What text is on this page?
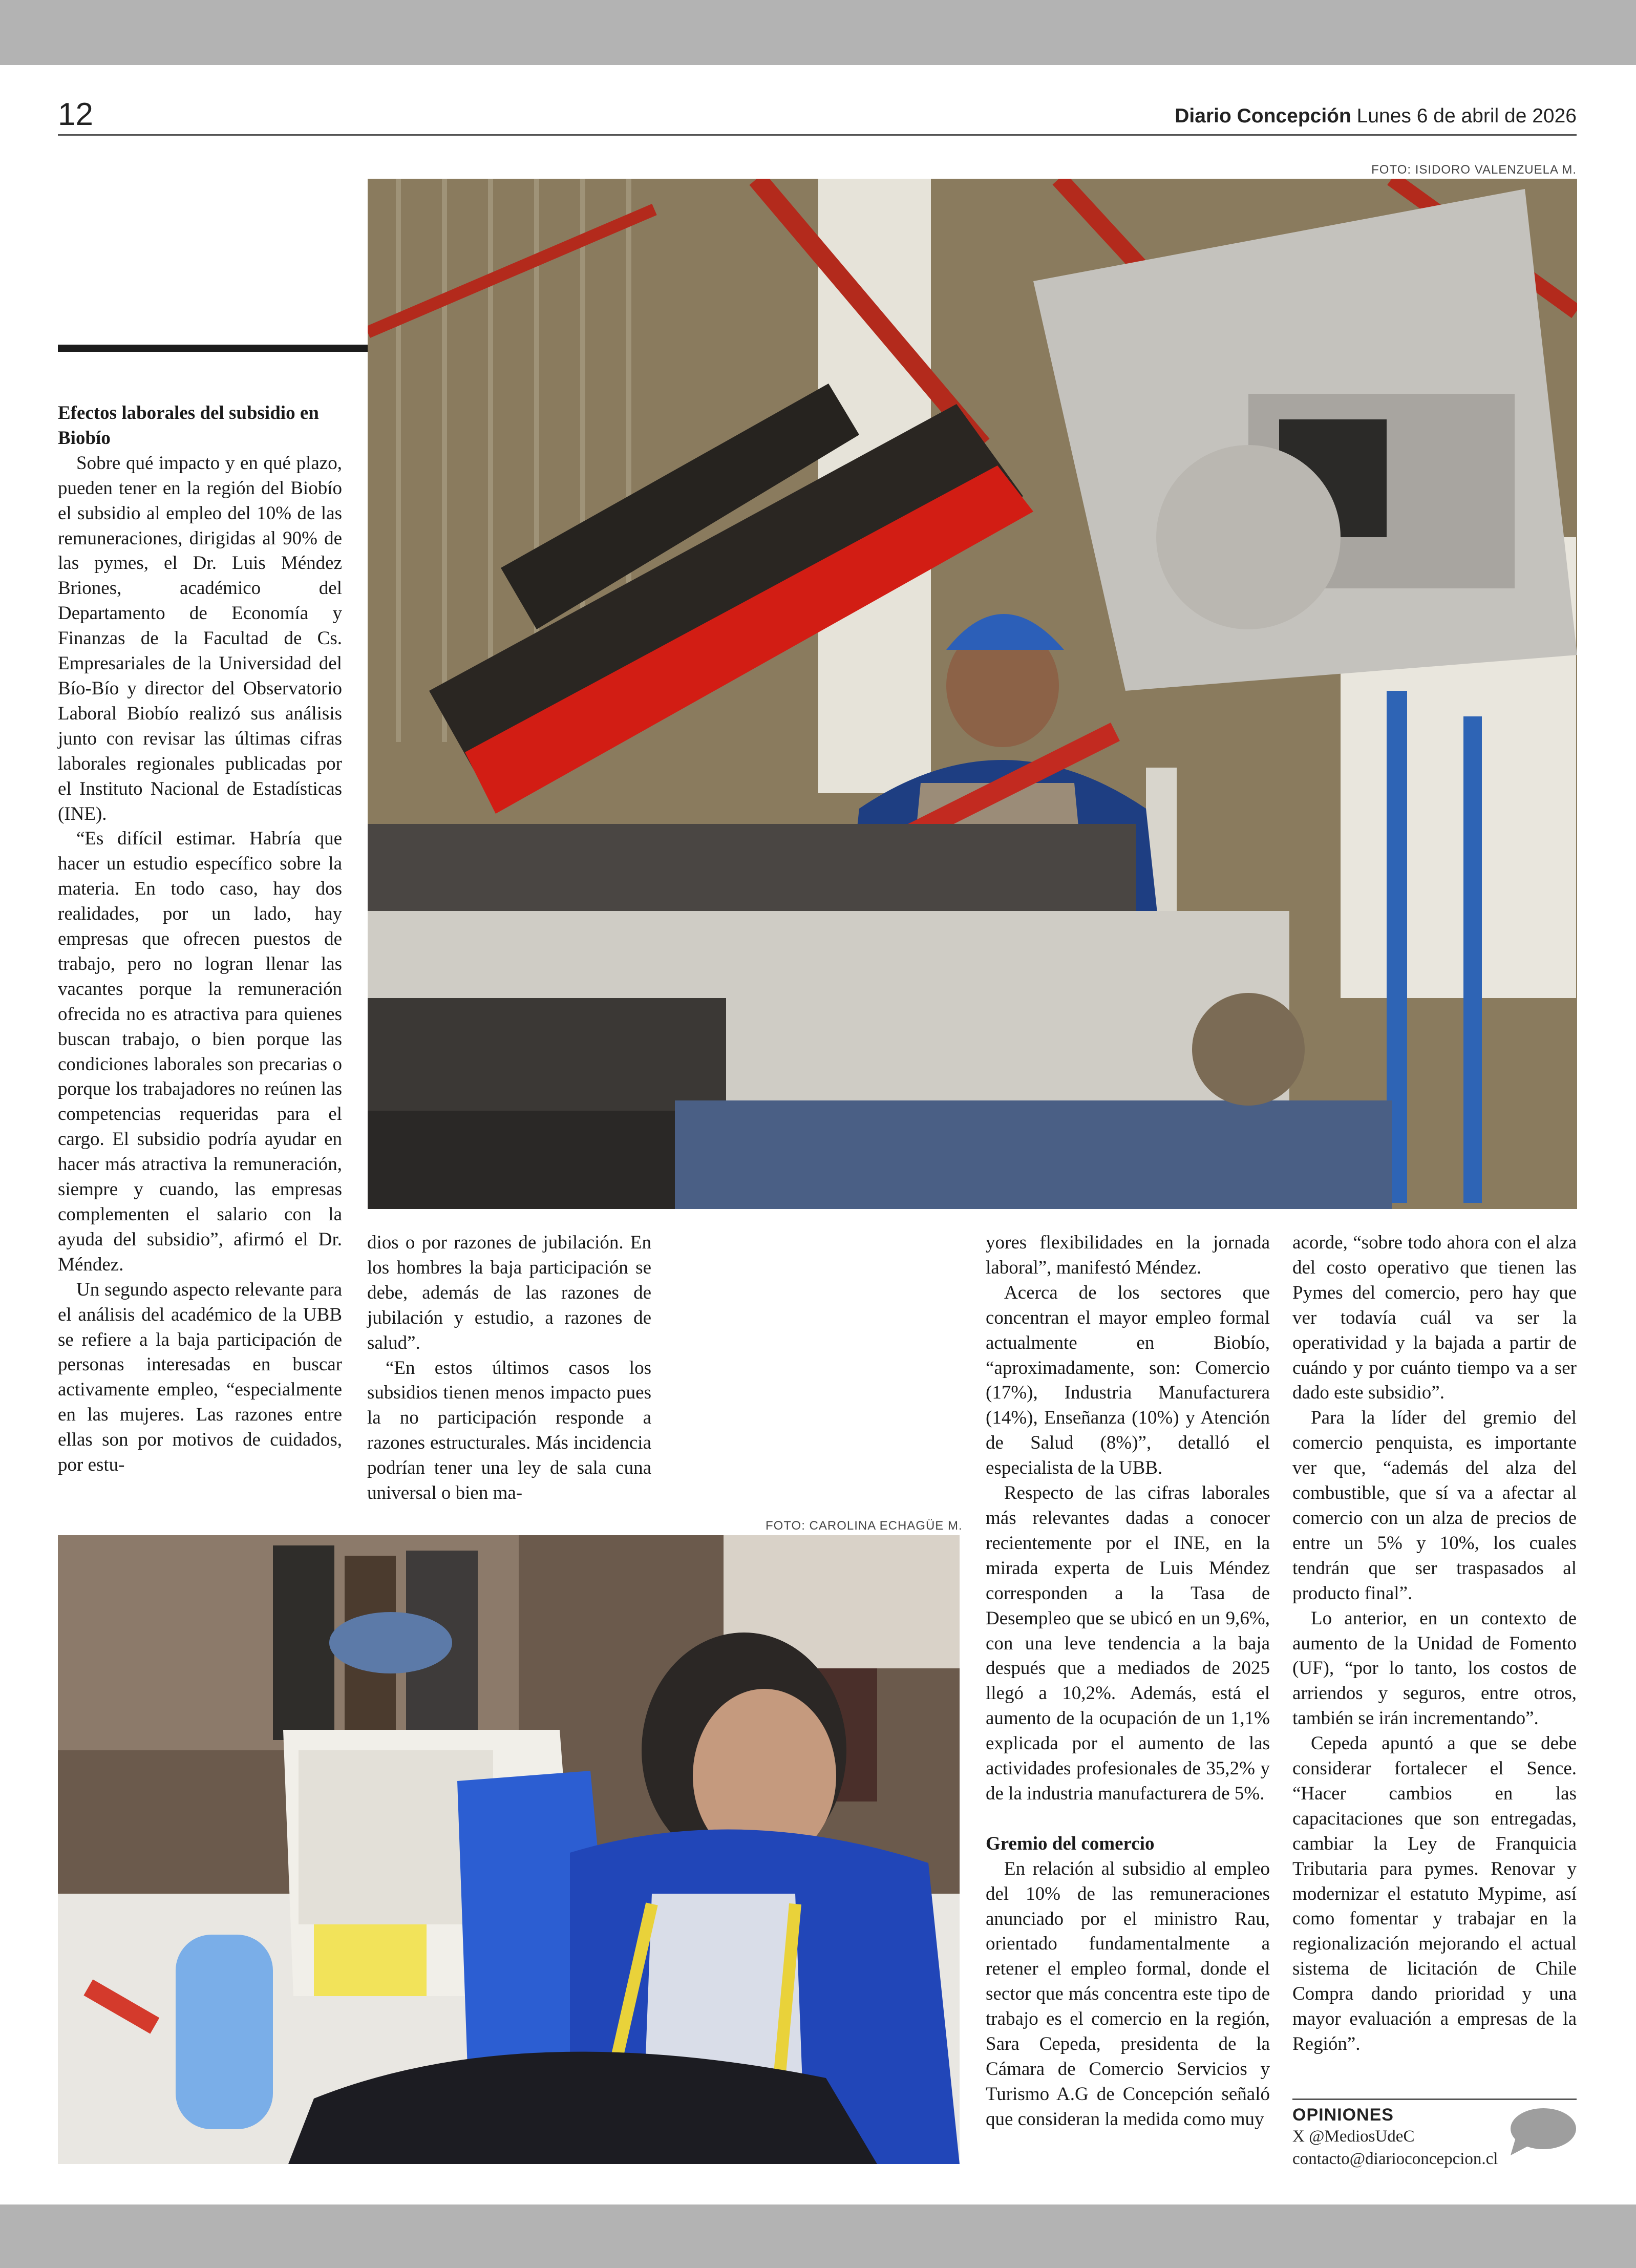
12	Diario Concepción Lunes 6 de abril de 2026
FOTO: ISIDORO VALENZUELA M.
Efectos laborales del subsidio en Biobío

Sobre qué impacto y en qué plazo, pueden tener en la región del Biobío el subsidio al empleo del 10% de las remuneraciones, dirigidas al 90% de las pymes, el Dr. Luis Méndez Briones, académico del Departamento de Economía y Finanzas de la Facultad de Cs. Empresariales de la Universidad del Bío-Bío y director del Observatorio Laboral Biobío realizó sus análisis junto con revisar las últimas cifras laborales regionales publicadas por el Instituto Nacional de Estadísticas (INE).

“Es difícil estimar. Habría que hacer un estudio específico sobre la materia. En todo caso, hay dos realidades, por un lado, hay empresas que ofrecen puestos de trabajo, pero no logran llenar las vacantes porque la remuneración ofrecida no es atractiva para quienes buscan trabajo, o bien porque las condiciones laborales son precarias o porque los trabajadores no reúnen las competencias requeridas para el cargo. El subsidio podría ayudar en hacer más atractiva la remuneración, siempre y cuando, las empresas complementen el salario con la ayuda del subsidio”, afirmó el Dr. Méndez.

Un segundo aspecto relevante para el análisis del académico de la UBB se refiere a la baja participación de personas interesadas en buscar activamente empleo, “especialmente en las mujeres. Las razones entre ellas son por motivos de cuidados, por estu-

dios o por razones de jubilación. En los hombres la baja participación se debe, además de las razones de jubilación y estudio, a razones de salud”.

“En estos últimos casos los subsidios tienen menos impacto pues la no participación responde a razones estructurales. Más incidencia podrían tener una ley de sala cuna universal o bien ma-

yores flexibilidades en la jornada laboral”, manifestó Méndez.

Acerca de los sectores que concentran el mayor empleo formal actualmente en Biobío, “aproximadamente, son: Comercio (17%), Industria Manufacturera (14%), Enseñanza (10%) y Atención de Salud (8%)”, detalló el especialista de la UBB.

Respecto de las cifras laborales más relevantes dadas a conocer recientemente por el INE, en la mirada experta de Luis Méndez corresponden a la Tasa de Desempleo que se ubicó en un 9,6%, con una leve tendencia a la baja después que a mediados de 2025 llegó a 10,2%. Además, está el aumento de la ocupación de un 1,1% explicada por el aumento de las actividades profesionales de 35,2% y de la industria manufacturera de 5%.

Gremio del comercio

En relación al subsidio al empleo del 10% de las remuneraciones anunciado por el ministro Rau, orientado fundamentalmente a retener el empleo formal, donde el sector que más concentra este tipo de trabajo es el comercio en la región, Sara Cepeda, presidenta de la Cámara de Comercio Servicios y Turismo A.G de Concepción señaló que consideran la medida como muy

acorde, “sobre todo ahora con el alza del costo operativo que tienen las Pymes del comercio, pero hay que ver todavía cuál va ser la operatividad y la bajada a partir de cuándo y por cuánto tiempo va a ser dado este subsidio”.

Para la líder del gremio del comercio penquista, es importante ver que, “además del alza del combustible, que sí va a afectar al comercio con un alza de precios de entre un 5% y 10%, los cuales tendrán que ser traspasados al producto final”.

Lo anterior, en un contexto de aumento de la Unidad de Fomento (UF), “por lo tanto, los costos de arriendos y seguros, entre otros, también se irán incrementando”.

Cepeda apuntó a que se debe considerar fortalecer el Sence. “Hacer cambios en las capacitaciones que son entregadas, cambiar la Ley de Franquicia Tributaria para pymes. Renovar y modernizar el estatuto Mypime, así como fomentar y trabajar en la regionalización mejorando el actual sistema de licitación de Chile Compra dando prioridad y una mayor evaluación a empresas de la Región”.

FOTO: CAROLINA ECHAGÜE M.
OPINIONES
X @MediosUdeC
contacto@diarioconcepcion.cl
